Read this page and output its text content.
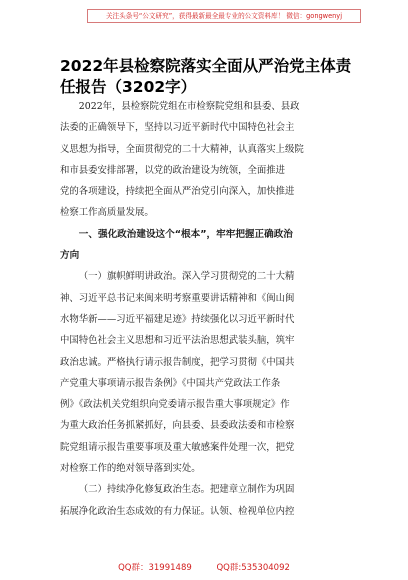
关注头条号“公文研究”，获得最新最全最专业的公文资料库！ 微信：gongwenyj
2022年县检察院落实全面从严治党主体责
任报告（3202字）
2022年，县检察院党组在市检察院党组和县委、县政
法委的正确领导下，坚持以习近平新时代中国特色社会主
义思想为指导，全面贯彻党的二十大精神，认真落实上级院
和市县委安排部署，以党的政治建设为统领，全面推进
党的各项建设，持续把全面从严治党引向深入，加快推进
检察工作高质量发展。
一、强化政治建设这个“根本”，牢牢把握正确政治
方向
（一）旗帜鲜明讲政治。深入学习贯彻党的二十大精
神、习近平总书记来闽来明考察重要讲话精神和《闽山闽
水物华新——习近平福建足迹》持续强化以习近平新时代
中国特色社会主义思想和习近平法治思想武装头脑，筑牢
政治忠诚。严格执行请示报告制度，把学习贯彻《中国共
产党重大事项请示报告条例》《中国共产党政法工作条
例》《政法机关党组织向党委请示报告重大事项规定》作
为重大政治任务抓紧抓好，向县委、县委政法委和市检察
院党组请示报告重要事项及重大敏感案件处理一次，把党
对检察工作的绝对领导落到实处。
（二）持续净化修复政治生态。把建章立制作为巩固
拓展净化政治生态成效的有力保证。认领、检视单位内控
QQ群：31991489	QQ群:535304092
